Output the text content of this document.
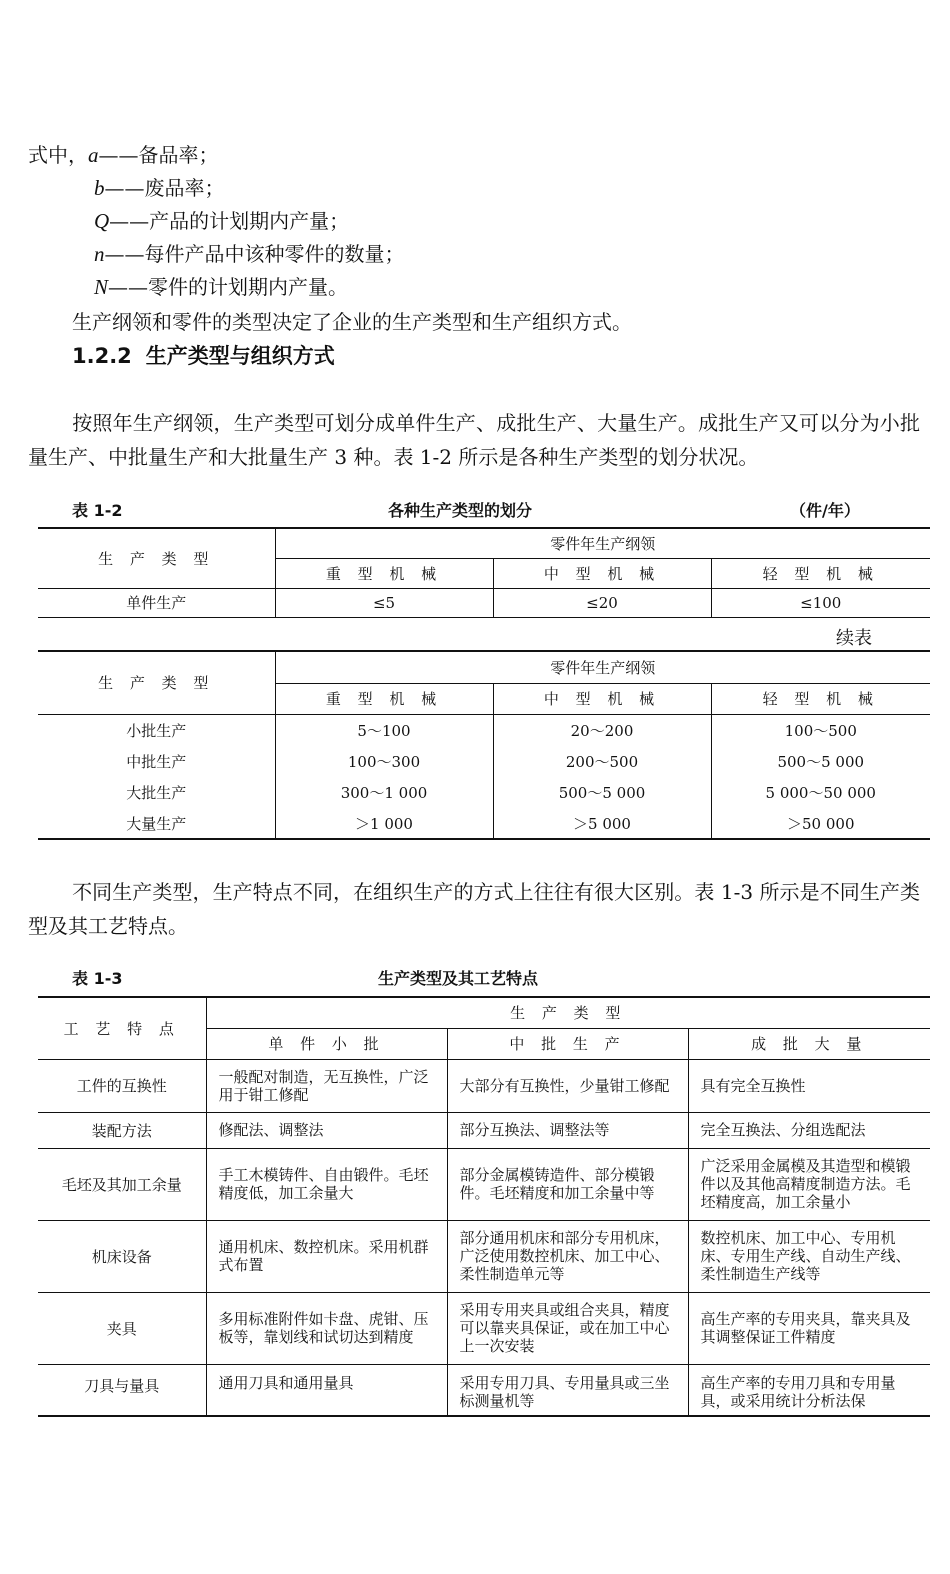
式中，a——备品率；
b——废品率；
Q——产品的计划期内产量；
n——每件产品中该种零件的数量；
N——零件的计划期内产量。
生产纲领和零件的类型决定了企业的生产类型和生产组织方式。
1.2.2 生产类型与组织方式
按照年生产纲领，生产类型可划分成单件生产、成批生产、大量生产。成批生产又可以分为小批量生产、中批量生产和大批量生产 3 种。表 1-2 所示是各种生产类型的划分状况。
表 1-2	各种生产类型的划分	（件/年）
生 产 类 型	零件年生产纲领		
	重 型 机 械	中 型 机 械	轻 型 机 械
单件生产	≤5	≤20	≤100
续表
生 产 类 型	零件年生产纲领		
	重 型 机 械	中 型 机 械	轻 型 机 械
小批生产	5～100	20～200	100～500
中批生产	100～300	200～500	500～5 000
大批生产	300～1 000	500～5 000	5 000～50 000
大量生产	＞1 000	＞5 000	＞50 000
不同生产类型，生产特点不同，在组织生产的方式上往往有很大区别。表 1-3 所示是不同生产类型及其工艺特点。
表 1-3	生产类型及其工艺特点
工 艺 特 点	生 产 类 型		
	单 件 小 批	中 批 生 产	成 批 大 量
工件的互换性	一般配对制造，无互换性，广泛用于钳工修配	大部分有互换性，少量钳工修配	具有完全互换性
装配方法	修配法、调整法	部分互换法、调整法等	完全互换法、分组选配法
毛坯及其加工余量	手工木模铸件、自由锻件。毛坯精度低，加工余量大	部分金属模铸造件、部分模锻件。毛坯精度和加工余量中等	广泛采用金属模及其造型和模锻件以及其他高精度制造方法。毛坯精度高，加工余量小
机床设备	通用机床、数控机床。采用机群式布置	部分通用机床和部分专用机床，广泛使用数控机床、加工中心、柔性制造单元等	数控机床、加工中心、专用机床、专用生产线、自动生产线、柔性制造生产线等
夹具	多用标准附件如卡盘、虎钳、压板等，靠划线和试切达到精度	采用专用夹具或组合夹具，精度可以靠夹具保证，或在加工中心上一次安装	高生产率的专用夹具，靠夹具及其调整保证工件精度
刀具与量具	通用刀具和通用量具	采用专用刀具、专用量具或三坐标测量机等	高生产率的专用刀具和专用量具，或采用统计分析法保
